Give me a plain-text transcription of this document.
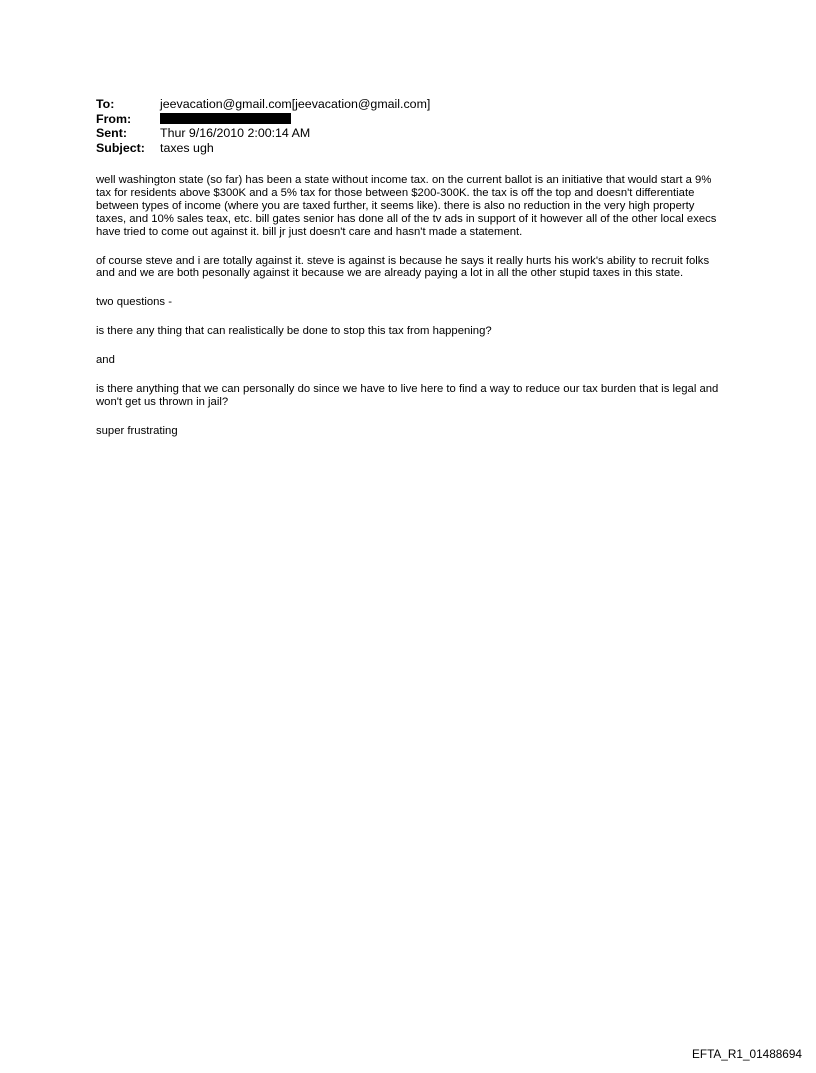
To:	jeevacation@gmail.com[jeevacation@gmail.com]
From:
Sent:	Thur 9/16/2010 2:00:14 AM
Subject:	taxes ugh

well washington state (so far) has been a state without income tax. on the current ballot is an initiative that would start a 9% tax for residents above $300K and a 5% tax for those between $200-300K. the tax is off the top and doesn't differentiate between types of income (where you are taxed further, it seems like). there is also no reduction in the very high property taxes, and 10% sales teax, etc. bill gates senior has done all of the tv ads in support of it however all of the other local execs have tried to come out against it. bill jr just doesn't care and hasn't made a statement.

of course steve and i are totally against it. steve is against is because he says it really hurts his work's ability to recruit folks and and we are both pesonally against it because we are already paying a lot in all the other stupid taxes in this state.

two questions -

is there any thing that can realistically be done to stop this tax from happening?

and

is there anything that we can personally do since we have to live here to find a way to reduce our tax burden that is legal and won't get us thrown in jail?

super frustrating

EFTA_R1_01488694
